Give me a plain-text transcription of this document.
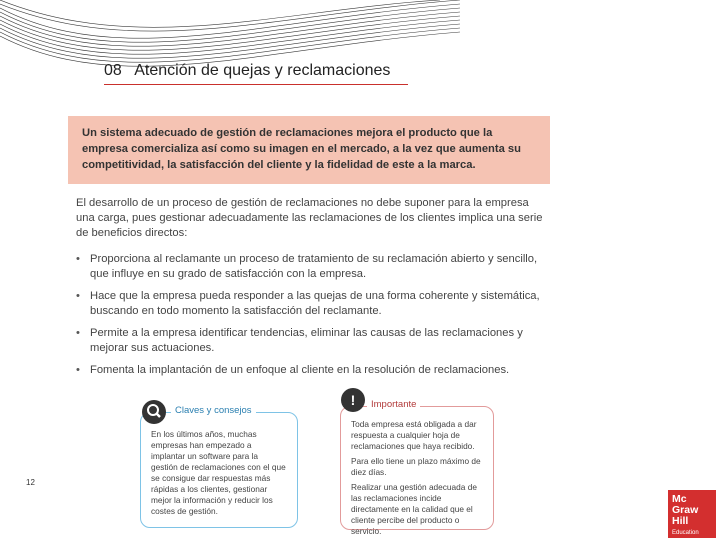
08 Atención de quejas y reclamaciones
Un sistema adecuado de gestión de reclamaciones mejora el producto que la empresa comercializa así como su imagen en el mercado, a la vez que aumenta su competitividad, la satisfacción del cliente y la fidelidad de este a la marca.
El desarrollo de un proceso de gestión de reclamaciones no debe suponer para la empresa una carga, pues gestionar adecuadamente las reclamaciones de los clientes implica una serie de beneficios directos:
• Proporciona al reclamante un proceso de tratamiento de su reclamación abierto y sencillo, que influye en su grado de satisfacción con la empresa.
• Hace que la empresa pueda responder a las quejas de una forma coherente y sistemática, buscando en todo momento la satisfacción del reclamante.
• Permite a la empresa identificar tendencias, eliminar las causas de las reclamaciones y mejorar sus actuaciones.
• Fomenta la implantación de un enfoque al cliente en la resolución de reclamaciones.
Claves y consejos
En los últimos años, muchas empresas han empezado a implantar un software para la gestión de reclamaciones con el que se consigue dar respuestas más rápidas a los clientes, gestionar mejor la información y reducir los costes de gestión.
Importante

Toda empresa está obligada a dar respuesta a cualquier hoja de reclamaciones que haya recibido.

Para ello tiene un plazo máximo de diez días.

Realizar una gestión adecuada de las reclamaciones incide directamente en la calidad que el cliente percibe del producto o servicio.

!
12
Mc
Graw
Hill
Education
